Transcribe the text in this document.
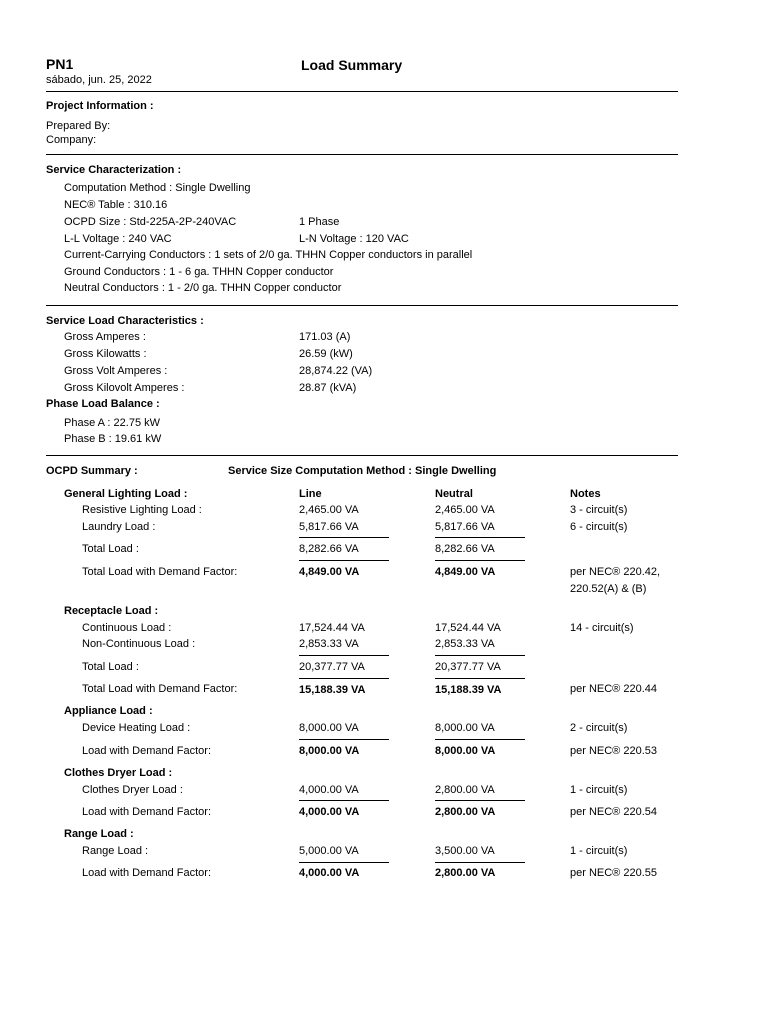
PN1	Load Summary
sábado, jun. 25, 2022
Project Information :
Prepared By:
Company:
Service Characterization :
Computation Method : Single Dwelling
NEC® Table : 310.16
OCPD Size : Std-225A-2P-240VAC	1 Phase
L-L Voltage : 240 VAC	L-N Voltage : 120 VAC
Current-Carrying Conductors : 1 sets of 2/0 ga. THHN Copper conductors in parallel
Ground Conductors : 1 - 6 ga. THHN Copper conductor
Neutral Conductors : 1 - 2/0 ga. THHN Copper conductor
Service Load Characteristics :
Gross Amperes :	171.03 (A)
Gross Kilowatts :	26.59 (kW)
Gross Volt Amperes :	28,874.22 (VA)
Gross Kilovolt Amperes :	28.87 (kVA)
Phase Load Balance :
Phase A : 22.75 kW
Phase B : 19.61 kW
OCPD Summary :	Service Size Computation Method : Single Dwelling
General Lighting Load :	Line	Neutral	Notes
Resistive Lighting Load :	2,465.00 VA	2,465.00 VA	3 - circuit(s)
Laundry Load :	5,817.66 VA	5,817.66 VA	6 - circuit(s)
Total Load :	8,282.66 VA	8,282.66 VA
Total Load with Demand Factor:	4,849.00 VA	4,849.00 VA	per NEC® 220.42,
220.52(A) & (B)
Receptacle Load :
Continuous Load :	17,524.44 VA	17,524.44 VA	14 - circuit(s)
Non-Continuous Load :	2,853.33 VA	2,853.33 VA
Total Load :	20,377.77 VA	20,377.77 VA
Total Load with Demand Factor:	15,188.39 VA	15,188.39 VA	per NEC® 220.44
Appliance Load :
Device Heating Load :	8,000.00 VA	8,000.00 VA	2 - circuit(s)
Load with Demand Factor:	8,000.00 VA	8,000.00 VA	per NEC® 220.53
Clothes Dryer Load :
Clothes Dryer Load :	4,000.00 VA	2,800.00 VA	1 - circuit(s)
Load with Demand Factor:	4,000.00 VA	2,800.00 VA	per NEC® 220.54
Range Load :
Range Load :	5,000.00 VA	3,500.00 VA	1 - circuit(s)
Load with Demand Factor:	4,000.00 VA	2,800.00 VA	per NEC® 220.55
